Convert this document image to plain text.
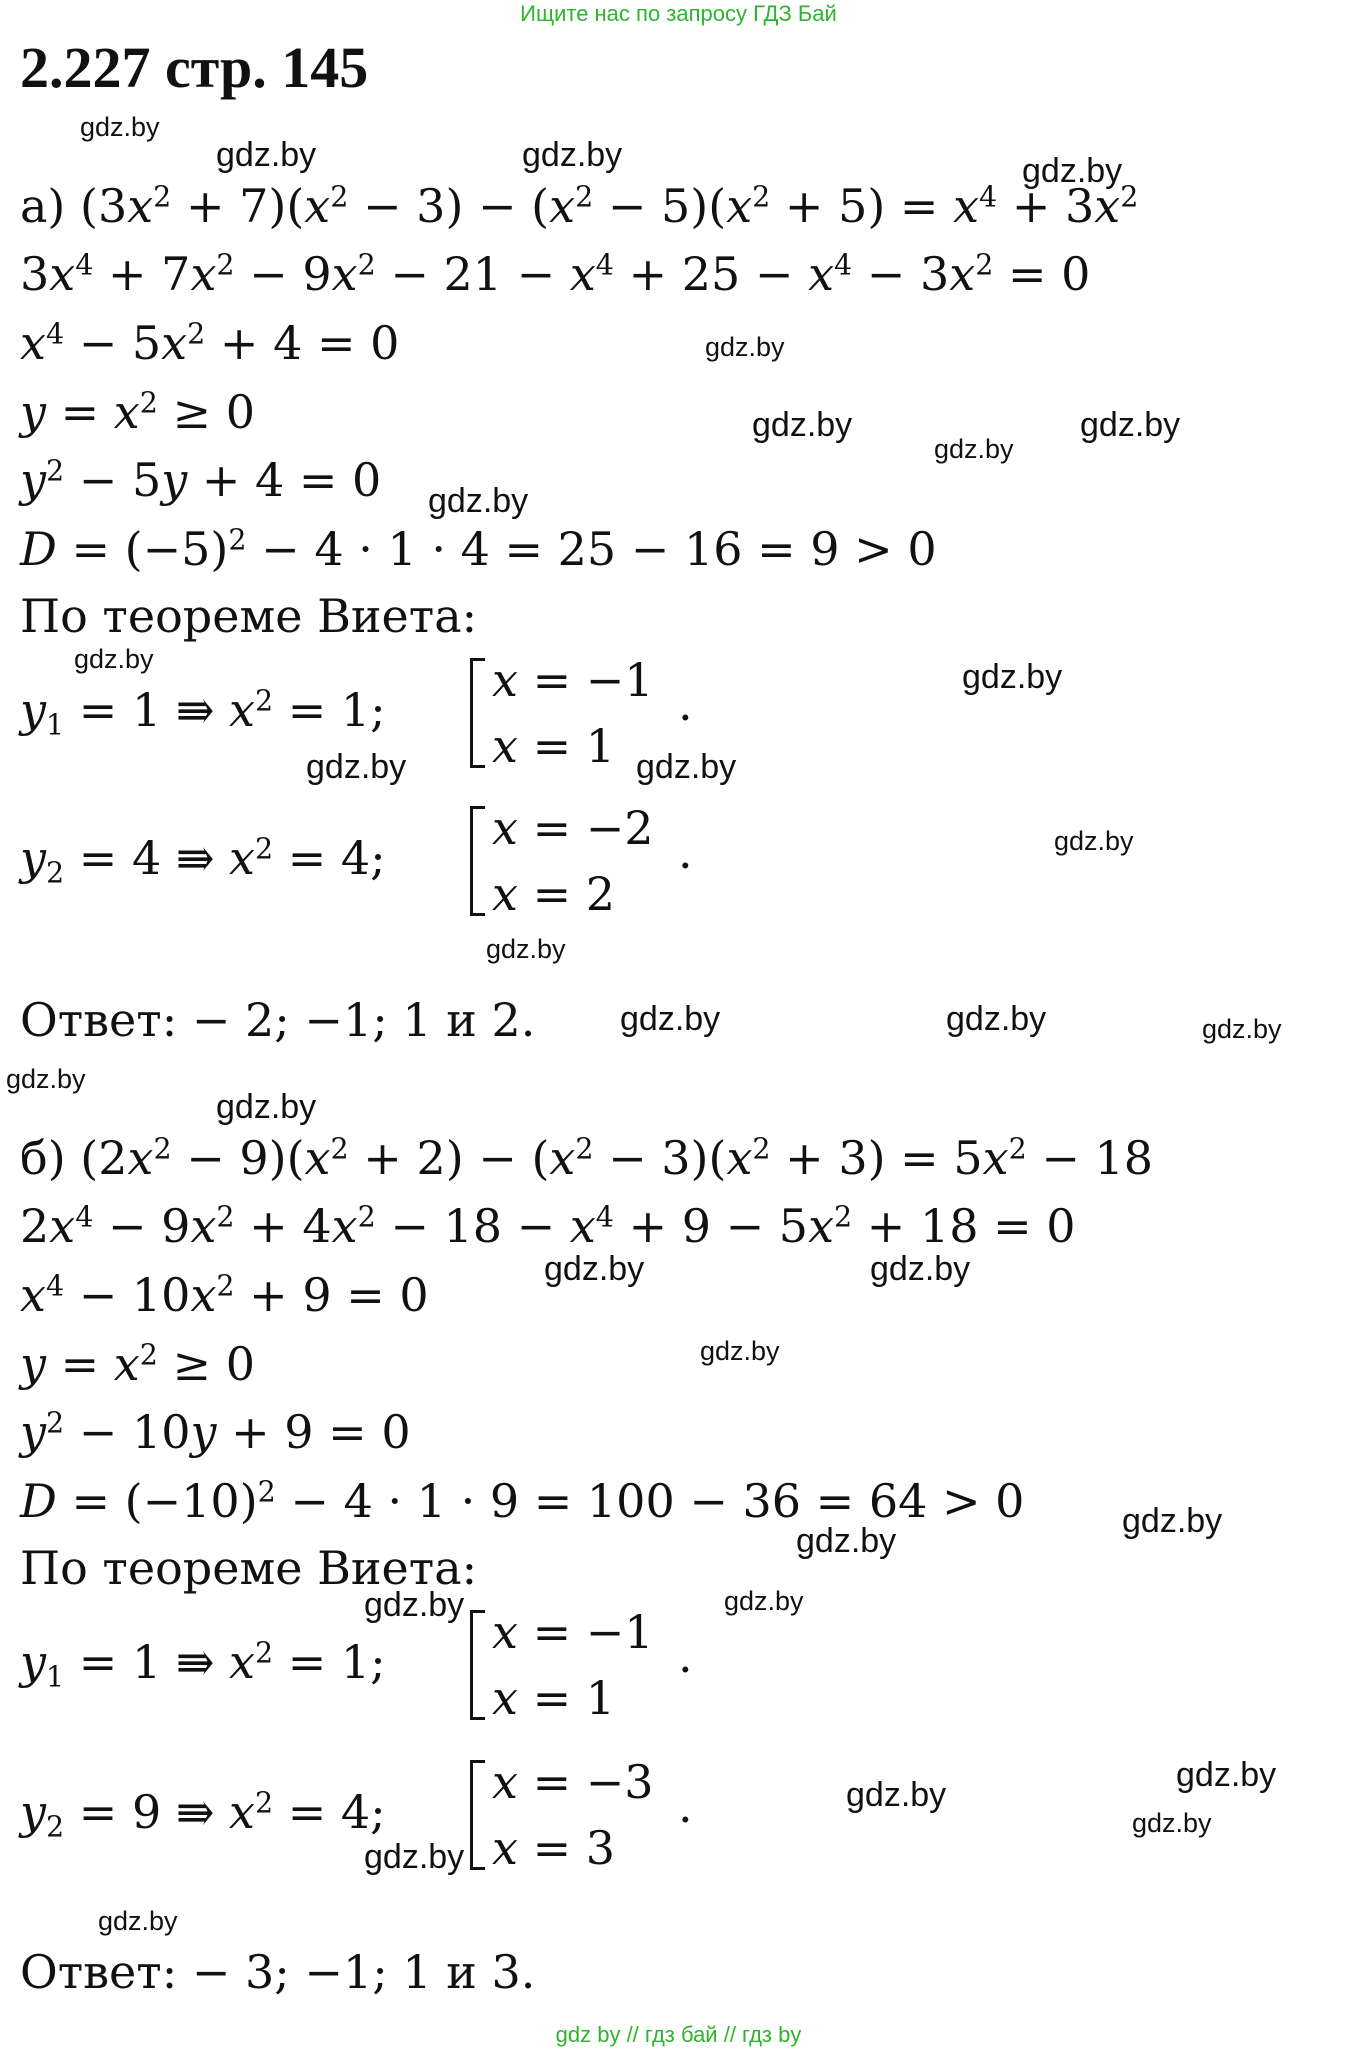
Ищите нас по запросу ГДЗ Бай
2.227 стр. 145
а) $(3x^2 + 7)(x^2 - 3) - (x^2 - 5)(x^2 + 5) = x^4 + 3x^2$
$3x^4 + 7x^2 - 9x^2 - 21 - x^4 + 25 - x^4 - 3x^2 = 0$
$x^4 - 5x^2 + 4 = 0$
$y = x^2 \ge 0$
$y^2 - 5y + 4 = 0$
$D = (-5)^2 - 4 \cdot 1 \cdot 4 = 25 - 16 = 9 > 0$
По теореме Виета:
$y_1 = 1$ ⇛ $x^2 = 1$;
x = −1
x = 1
.
$y_2 = 4$ ⇛ $x^2 = 4$;
x = −2
x = 2
.
Ответ: − 2; −1; 1 и 2.
б) $(2x^2 - 9)(x^2 + 2) - (x^2 - 3)(x^2 + 3) = 5x^2 - 18$
$2x^4 - 9x^2 + 4x^2 - 18 - x^4 + 9 - 5x^2 + 18 = 0$
$x^4 - 10x^2 + 9 = 0$
$y = x^2 \ge 0$
$y^2 - 10y + 9 = 0$
$D = (-10)^2 - 4 \cdot 1 \cdot 9 = 100 - 36 = 64 > 0$
По теореме Виета:
$y_1 = 1$ ⇛ $x^2 = 1$;
x = −1
x = 1
.
$y_2 = 9$ ⇛ $x^2 = 4$;
x = −3
x = 3
.
Ответ: − 3; −1; 1 и 3.
gdz.by
gdz.by	gdz.by	gdz.by
gdz.by
gdz.by	gdz.by
gdz.by
gdz.by
gdz.by	gdz.by
gdz.by	gdz.by
gdz.by
gdz.by
gdz.by	gdz.by	gdz.by
gdz.by
gdz.by
gdz.by	gdz.by
gdz.by
gdz.by
gdz.by
gdz.by	gdz.by
gdz.by
gdz.by
gdz.by
gdz.by
gdz.by
gdz by // гдз бай // гдз by
